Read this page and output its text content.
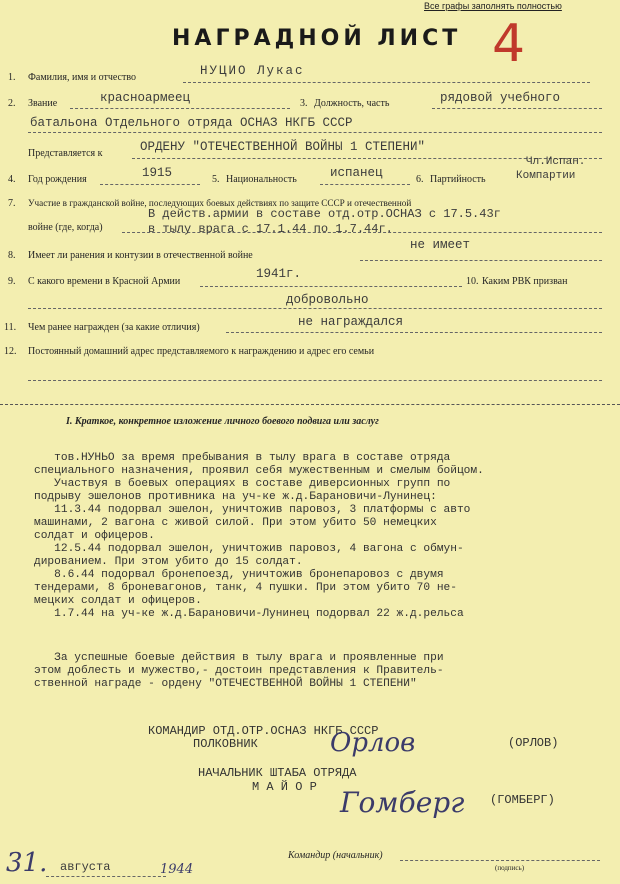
Все графы заполнять полностью
НАГРАДНОЙ ЛИСТ 4
1. Фамилия, имя и отчество	НУЦИО Лукас
2. Звание	красноармеец	3. Должность, часть	рядовой учебного
батальона Отдельного отряда ОСНАЗ НКГБ СССР
Представляется к	ОРДЕНУ "ОТЕЧЕСТВЕННОЙ ВОЙНЫ 1 СТЕПЕНИ"
4. Год рождения	1915	5. Национальность	испанец	6. Партийность
Чл.Испан.
Компартии
7. Участие в гражданской войне, последующих боевых действиях по защите СССР и отечественной
войне (где, когда)
В действ.армии в составе отд.отр.ОСНАЗ с 17.5.43г
в тылу врага с 17.1.44 по 1.7.44г.
8. Имеет ли ранения и контузии в отечественной войне
не имеет
9. С какого времени в Красной Армии
1941г.
10. Каким РВК призван
добровольно
11. Чем ранее награжден (за какие отличия)	не награждался
12. Постоянный домашний адрес представляемого к награждению и адрес его семьи
I. Краткое, конкретное изложение личного боевого подвига или заслуг
тов.НУНЬО за время пребывания в тылу врага в составе отряда
специального назначения, проявил себя мужественным и смелым бойцом.
Участвуя в боевых операциях в составе диверсионных групп по
подрыву эшелонов противника на уч-ке ж.д.Барановичи-Лунинец:
11.3.44 подорвал эшелон, уничтожив паровоз, 3 платформы с авто
машинами, 2 вагона с живой силой. При этом убито 50 немецких
солдат и офицеров.
12.5.44 подорвал эшелон, уничтожив паровоз, 4 вагона с обмун-
дированием. При этом убито до 15 солдат.
8.6.44 подорвал бронепоезд, уничтожив бронепаровоз с двумя
тендерами, 8 броневагонов, танк, 4 пушки. При этом убито 70 не-
мецких солдат и офицеров.
1.7.44 на уч-ке ж.д.Барановичи-Лунинец подорвал 22 ж.д.рельса
За успешные боевые действия в тылу врага и проявленные при
этом доблесть и мужество,- достоин представления к Правитель-
ственной награде - ордену "ОТЕЧЕСТВЕННОЙ ВОЙНЫ 1 СТЕПЕНИ"
КОМАНДИР ОТД.ОТР.ОСНАЗ НКГБ СССР
ПОЛКОВНИК	Орлов	(ОРЛОВ)
НАЧАЛЬНИК ШТАБА ОТРЯДА
М А Й О Р Гомберг (ГОМБЕРГ)
31. августа	1944
Командир (начальник)
(подпись)
